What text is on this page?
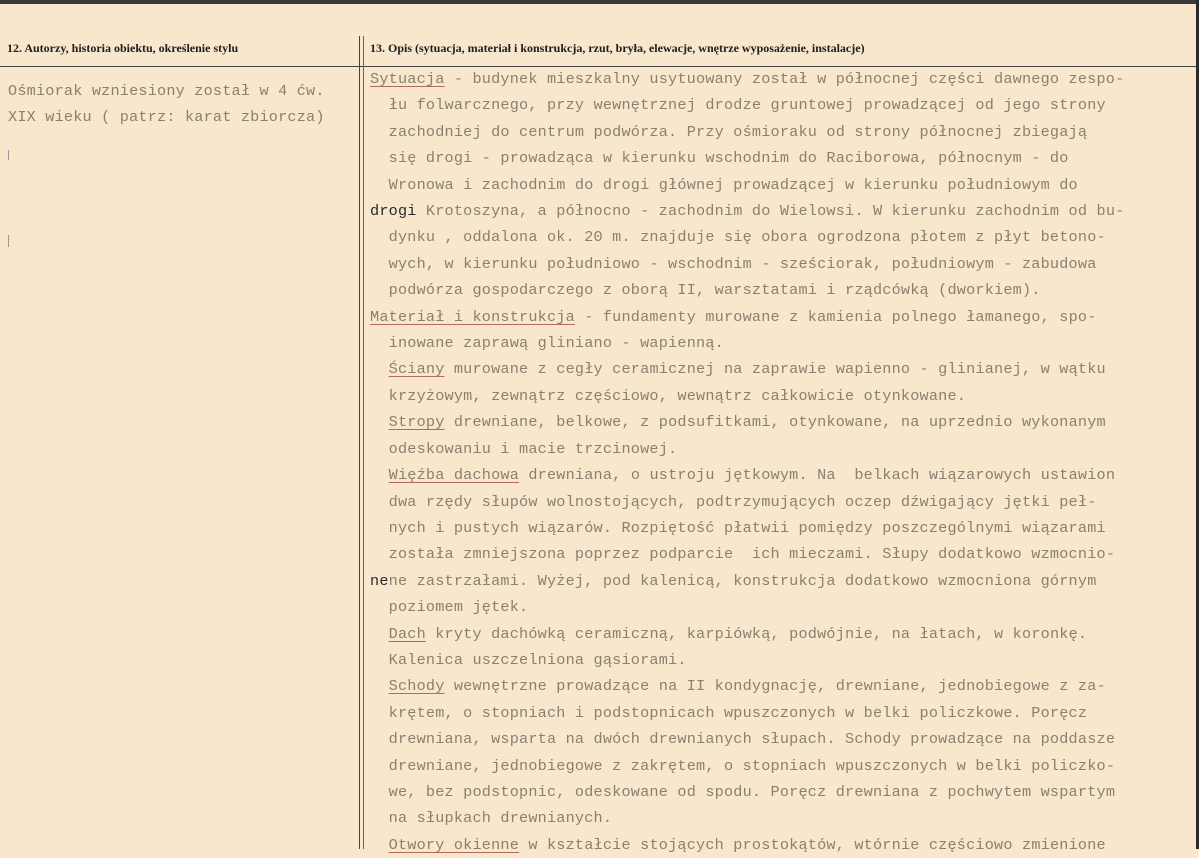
12. Autorzy, historia obiektu, określenie stylu	13. Opis (sytuacja, materiał i konstrukcja, rzut, bryła, elewacje, wnętrze wyposażenie, instalacje)
Ośmiorak wzniesiony został w 4 ćw.
XIX wieku ( patrz: karat zbiorcza)
Sytuacja - budynek mieszkalny usytuowany został w północnej części dawnego zespo-
łu folwarcznego, przy wewnętrznej drodze gruntowej prowadzącej od jego strony
zachodniej do centrum podwórza. Przy ośmioraku od strony północnej zbiegają
się drogi - prowadząca w kierunku wschodnim do Raciborowa, północnym - do
Wronowa i zachodnim do drogi głównej prowadzącej w kierunku południowym do
drogi Krotoszyna, a północno - zachodnim do Wielowsi. W kierunku zachodnim od bu-
dynku , oddalona ok. 20 m. znajduje się obora ogrodzona płotem z płyt betono-
wych, w kierunku południowo - wschodnim - sześciorak, południowym - zabudowa
podwórza gospodarczego z oborą II, warsztatami i rządcówką (dworkiem).
Materiał i konstrukcja - fundamenty murowane z kamienia polnego łamanego, spo-
inowane zaprawą gliniano - wapienną.
Ściany murowane z cegły ceramicznej na zaprawie wapienno - glinianej, w wątku
krzyżowym, zewnątrz częściowo, wewnątrz całkowicie otynkowane.
Stropy drewniane, belkowe, z podsufitkami, otynkowane, na uprzednio wykonanym
odeskowaniu i macie trzcinowej.
Więźba dachowa drewniana, o ustroju jętkowym. Na  belkach wiązarowych ustawion
dwa rzędy słupów wolnostojących, podtrzymujących oczep dźwigający jętki peł-
nych i pustych wiązarów. Rozpiętość płatwii pomiędzy poszczególnymi wiązarami
została zmniejszona poprzez podparcie  ich mieczami. Słupy dodatkowo wzmocnio-
nene zastrzałami. Wyżej, pod kalenicą, konstrukcja dodatkowo wzmocniona górnym
poziomem jętek.
Dach kryty dachówką ceramiczną, karpiówką, podwójnie, na łatach, w koronkę.
Kalenica uszczelniona gąsiorami.
Schody wewnętrzne prowadzące na II kondygnację, drewniane, jednobiegowe z za-
krętem, o stopniach i podstopnicach wpuszczonych w belki policzkowe. Poręcz
drewniana, wsparta na dwóch drewnianych słupach. Schody prowadzące na poddasze
drewniane, jednobiegowe z zakrętem, o stopniach wpuszczonych w belki policzko-
we, bez podstopnic, odeskowane od spodu. Poręcz drewniana z pochwytem wspartym
na słupkach drewnianych.
Otwory okienne w kształcie stojących prostokątów, wtórnie częściowo zmienione
